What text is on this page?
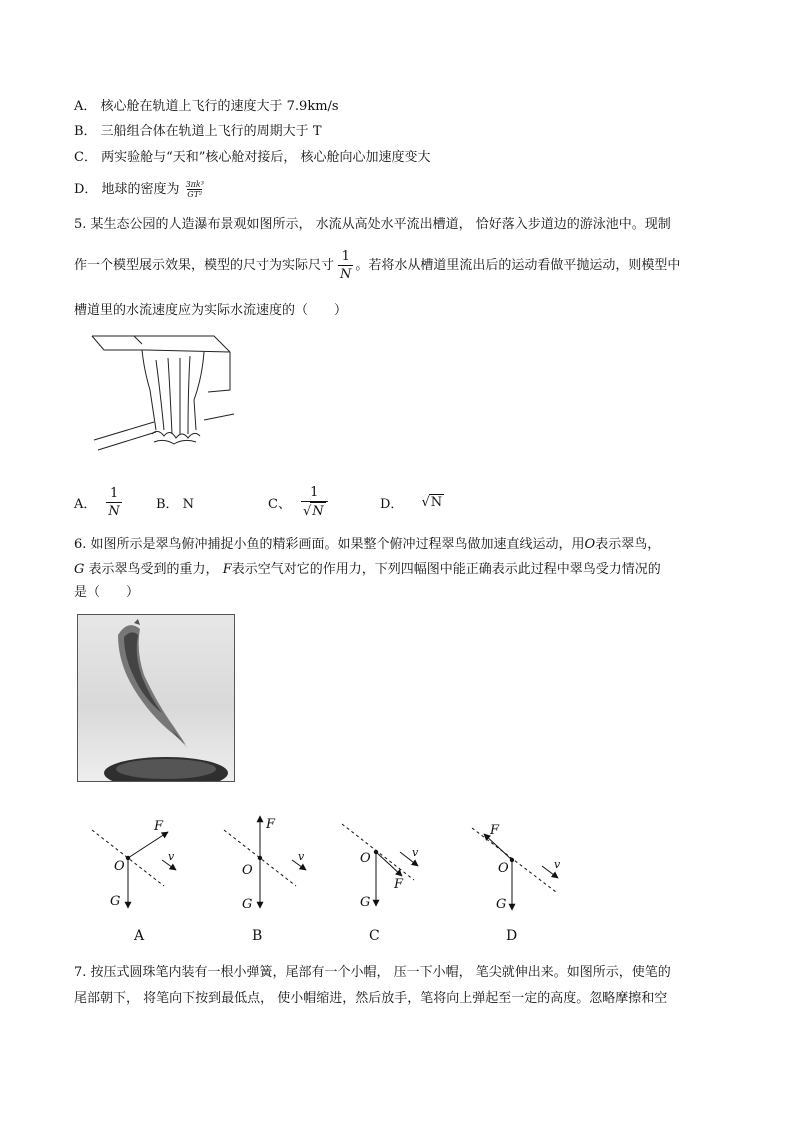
A． 核心舱在轨道上飞行的速度大于 7.9km/s
B． 三船组合体在轨道上飞行的周期大于 T
C． 两实验舱与“天和”核心舱对接后， 核心舱向心加速度变大
D． 地球的密度为 $\frac{\text{3πk³}}{\text{GT²}}$
5. 某生态公园的人造瀑布景观如图所示， 水流从高处水平流出槽道， 恰好落入步道边的游泳池中。现制
作一个模型展示效果，模型的尺寸为实际尺寸 $\frac{1}{N}$ 。若将水从槽道里流出后的运动看做平抛运动，则模型中
槽道里的水流速度应为实际水流速度的（　　）
A． $\frac{1}{N}$	B． N	C、 $\frac{1}{√N}$	D． √N
6. 如图所示是翠鸟俯冲捕捉小鱼的精彩画面。如果整个俯冲过程翠鸟做加速直线运动，用O表示翠鸟，
G 表示翠鸟受到的重力， F表示空气对它的作用力，下列四幅图中能正确表示此过程中翠鸟受力情况的
是（　　）
F
v
O
G
F
v
O
G
F
v
O
G
F
v
O
G
A	B	C	D
7. 按压式圆珠笔内装有一根小弹簧，尾部有一个小帽， 压一下小帽， 笔尖就伸出来。如图所示，使笔的
尾部朝下， 将笔向下按到最低点， 使小帽缩进，然后放手，笔将向上弹起至一定的高度。忽略摩擦和空
